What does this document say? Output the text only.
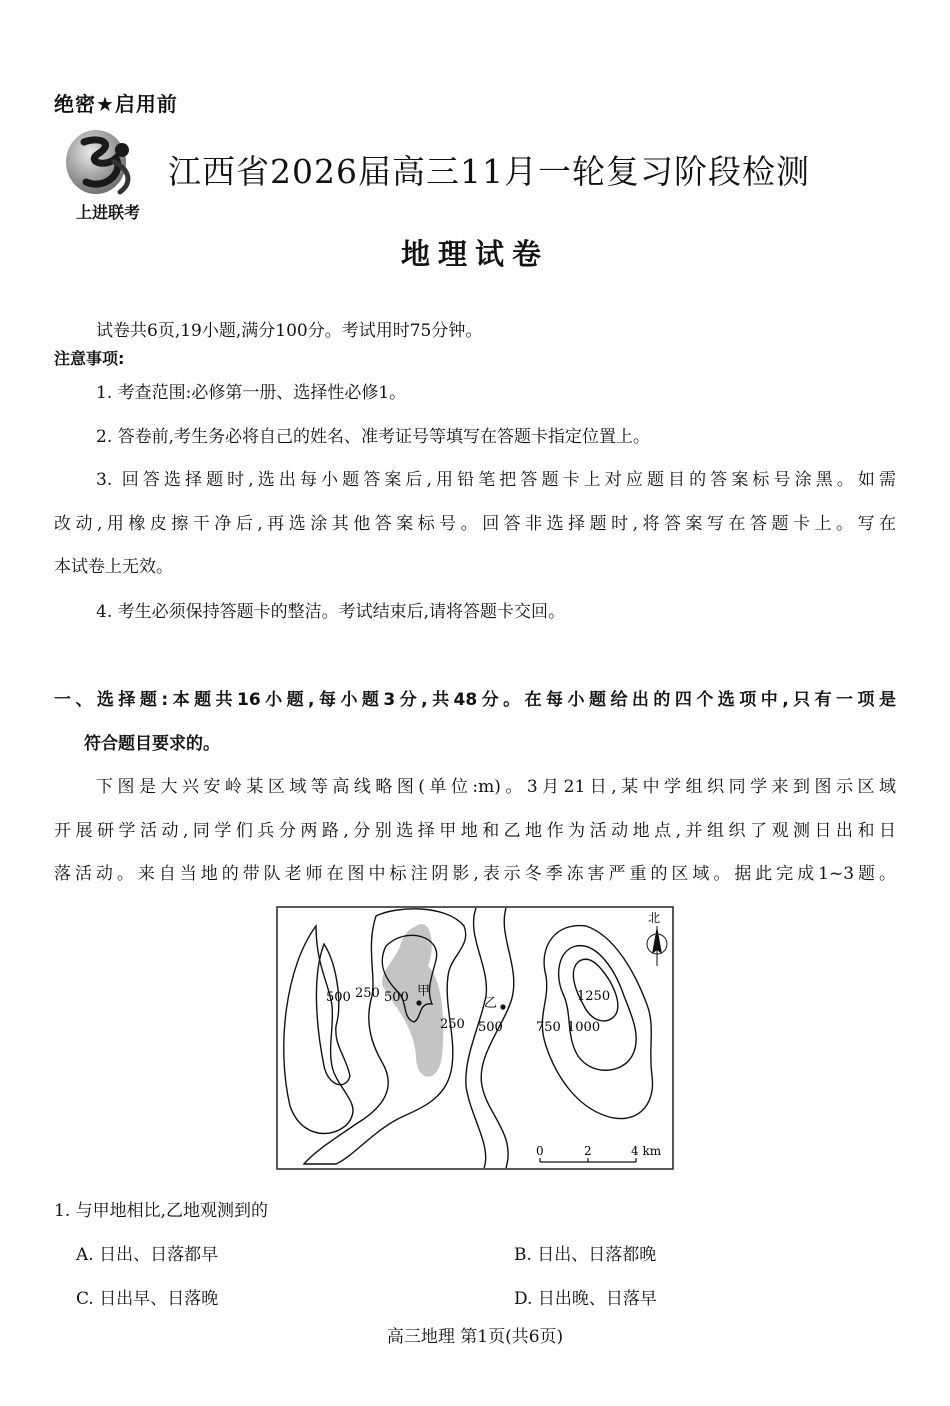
绝密★启用前
上进联考
江西省2026届高三11月一轮复习阶段检测
地理试卷
试卷共6页,19小题,满分100分。考试用时75分钟。
注意事项:
1. 考查范围:必修第一册、选择性必修1。
2. 答卷前,考生务必将自己的姓名、准考证号等填写在答题卡指定位置上。
3. 回答选择题时,选出每小题答案后,用铅笔把答题卡上对应题目的答案标号涂黑。如需
改动,用橡皮擦干净后,再选涂其他答案标号。回答非选择题时,将答案写在答题卡上。写在
本试卷上无效。
4. 考生必须保持答题卡的整洁。考试结束后,请将答题卡交回。
一、选择题:本题共16小题,每小题3分,共48分。在每小题给出的四个选项中,只有一项是
符合题目要求的。
下图是大兴安岭某区域等高线略图(单位:m)。3月21日,某中学组织同学来到图示区域
开展研学活动,同学们兵分两路,分别选择甲地和乙地作为活动地点,并组织了观测日出和日
落活动。来自当地的带队老师在图中标注阴影,表示冬季冻害严重的区域。据此完成1~3题。
500 250 500
250 500	750 1000
1250
甲
乙
北
0	2	4 km
1. 与甲地相比,乙地观测到的
A. 日出、日落都早	B. 日出、日落都晚
C. 日出早、日落晚	D. 日出晚、日落早
高三地理 第1页(共6页)
